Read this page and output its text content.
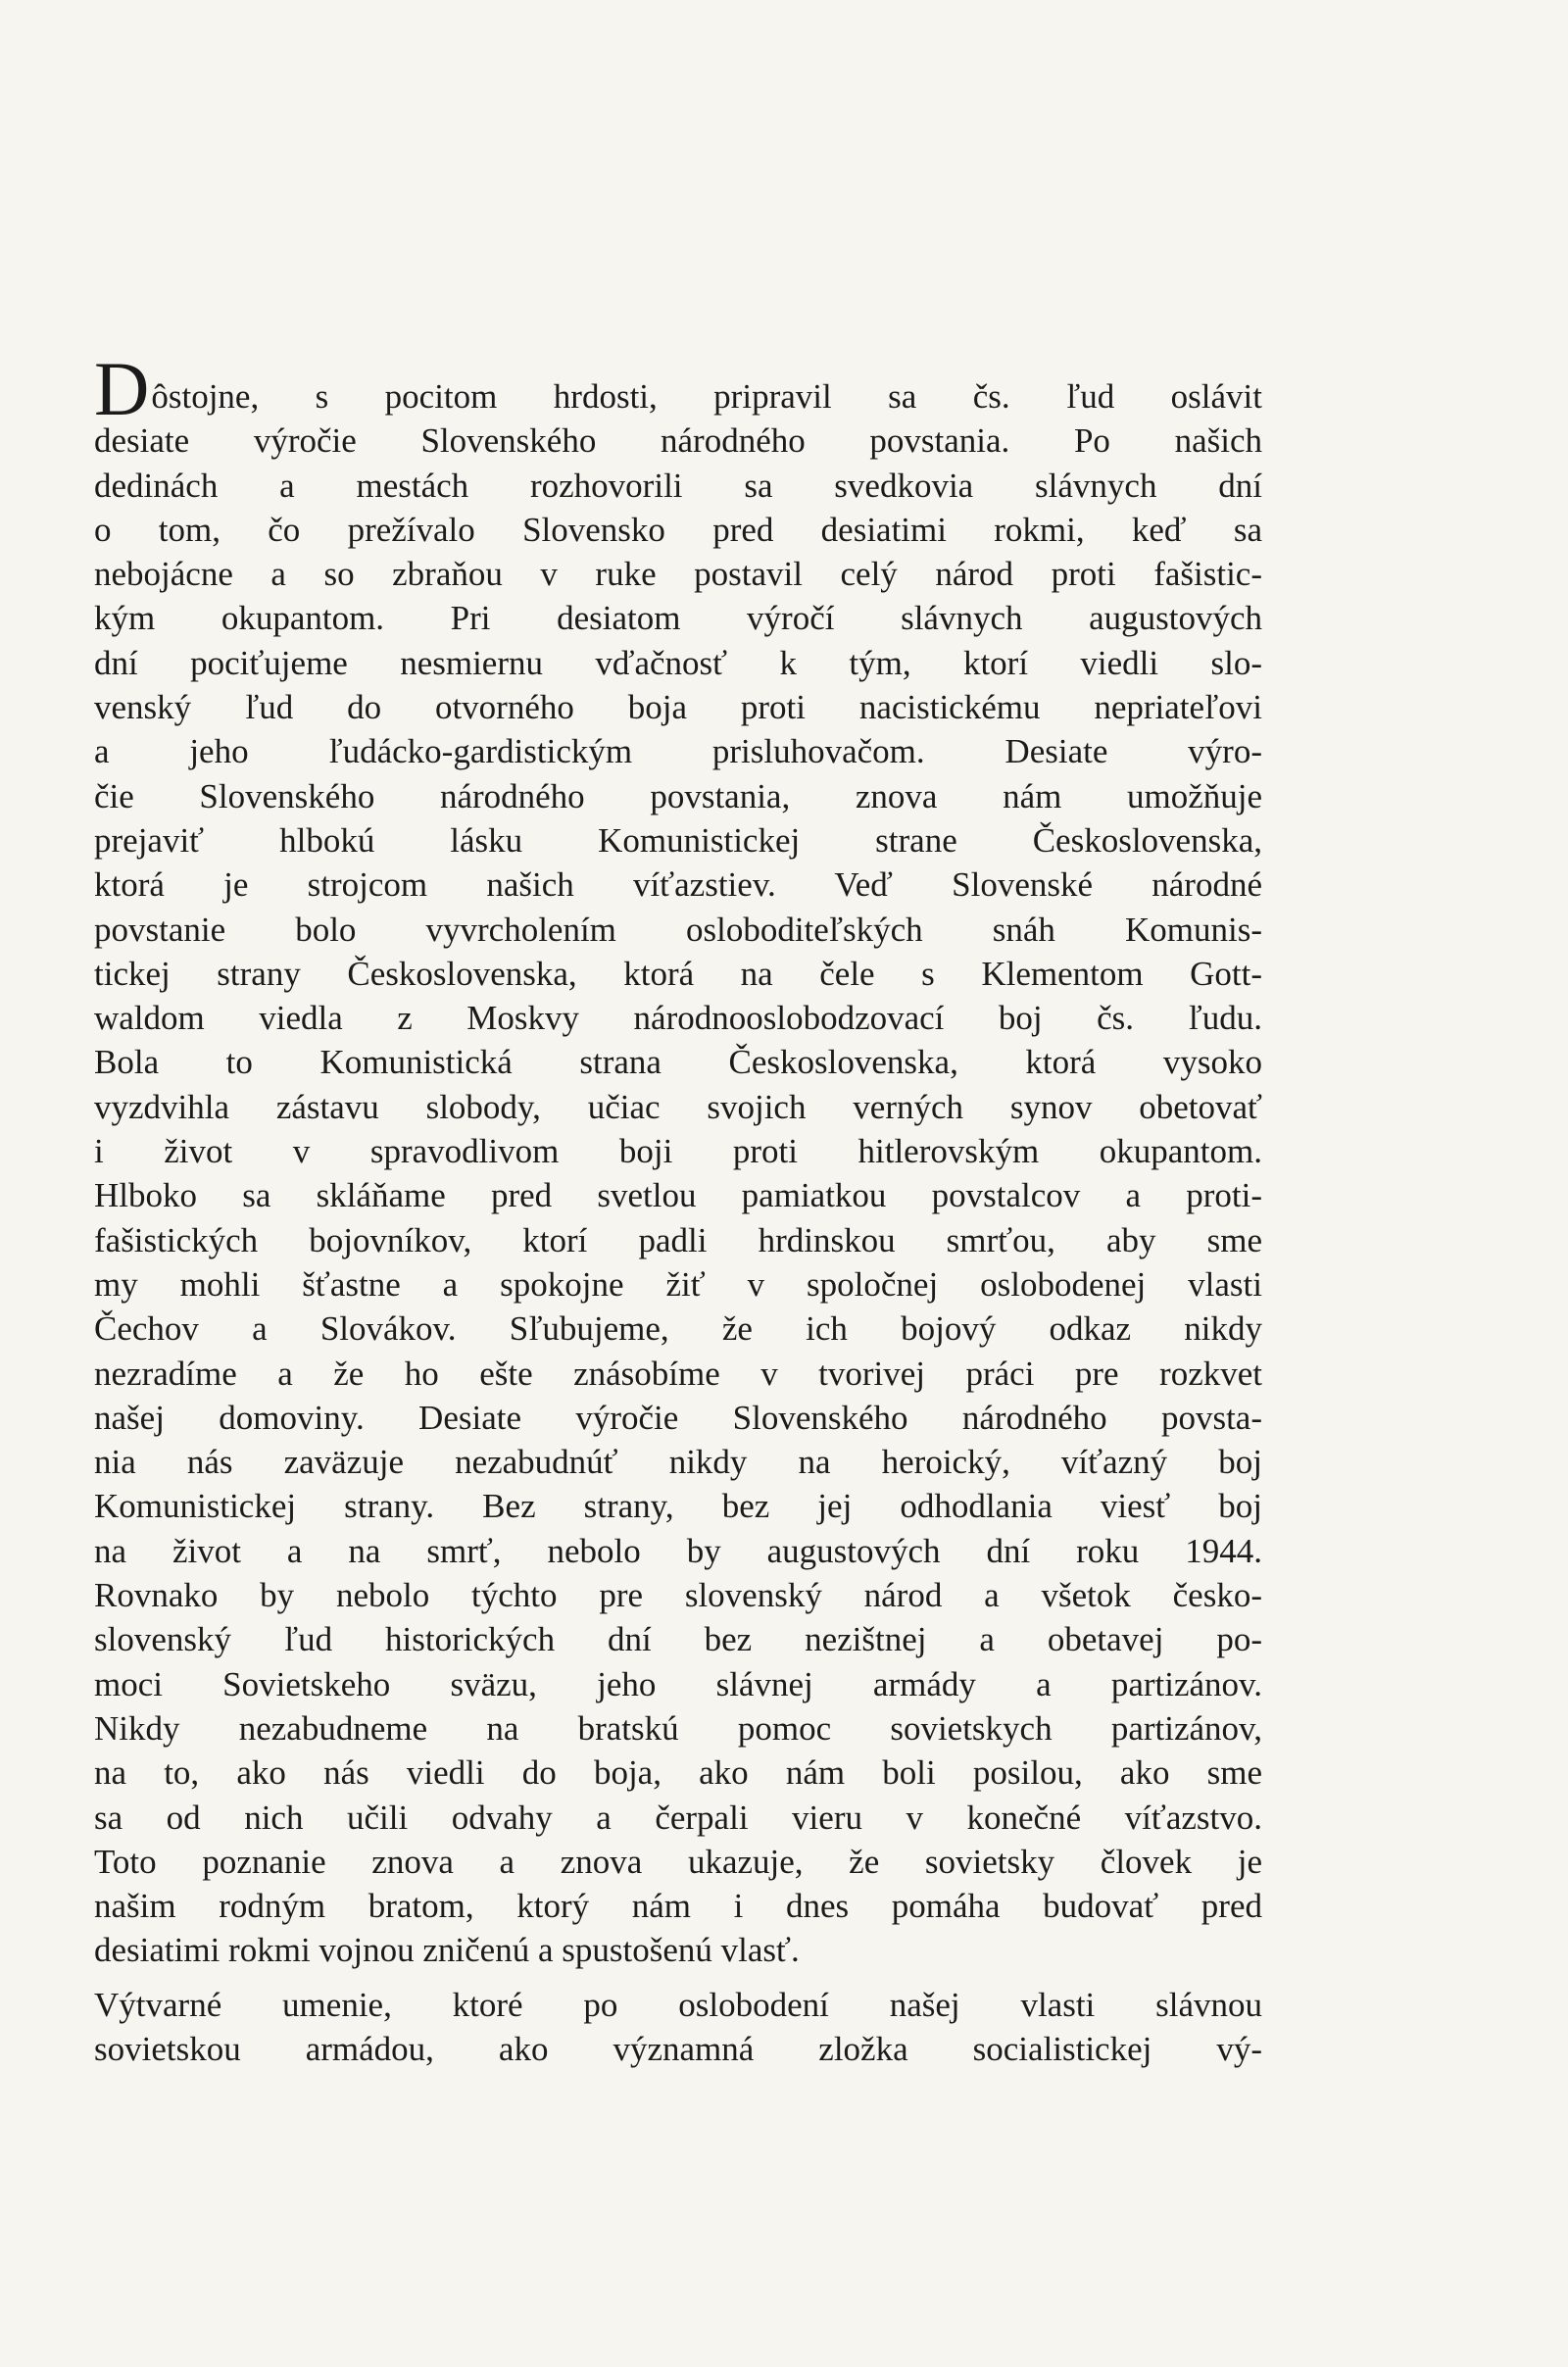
D ôstojne, s pocitom hrdosti, pripravil sa čs. ľud oslávit
desiate výročie Slovenského národného povstania. Po našich
dedinách a mestách rozhovorili sa svedkovia slávnych dní
o tom, čo prežívalo Slovensko pred desiatimi rokmi, keď sa
nebojácne a so zbraňou v ruke postavil celý národ proti fašistic-
kým okupantom. Pri desiatom výročí slávnych augustových
dní pociťujeme nesmiernu vďačnosť k tým, ktorí viedli slo-
venský ľud do otvorného boja proti nacistickému nepriateľovi
a jeho ľudácko-gardistickým prisluhovačom. Desiate výro-
čie Slovenského národného povstania, znova nám umožňuje
prejaviť hlbokú lásku Komunistickej strane Československa,
ktorá je strojcom našich víťazstiev. Veď Slovenské národné
povstanie bolo vyvrcholením osloboditeľských snáh Komunis-
tickej strany Československa, ktorá na čele s Klementom Gott-
waldom viedla z Moskvy národnooslobodzovací boj čs. ľudu.
Bola to Komunistická strana Československa, ktorá vysoko
vyzdvihla zástavu slobody, učiac svojich verných synov obetovať
i život v spravodlivom boji proti hitlerovským okupantom.
Hlboko sa skláňame pred svetlou pamiatkou povstalcov a proti-
fašistických bojovníkov, ktorí padli hrdinskou smrťou, aby sme
my mohli šťastne a spokojne žiť v spoločnej oslobodenej vlasti
Čechov a Slovákov. Sľubujeme, že ich bojový odkaz nikdy
nezradíme a že ho ešte znásobíme v tvorivej práci pre rozkvet
našej domoviny. Desiate výročie Slovenského národného povsta-
nia nás zaväzuje nezabudnúť nikdy na heroický, víťazný boj
Komunistickej strany. Bez strany, bez jej odhodlania viesť boj
na život a na smrť, nebolo by augustových dní roku 1944.
Rovnako by nebolo týchto pre slovenský národ a všetok česko-
slovenský ľud historických dní bez nezištnej a obetavej po-
moci Sovietskeho sväzu, jeho slávnej armády a partizánov.
Nikdy nezabudneme na bratskú pomoc sovietskych partizánov,
na to, ako nás viedli do boja, ako nám boli posilou, ako sme
sa od nich učili odvahy a čerpali vieru v konečné víťazstvo.
Toto poznanie znova a znova ukazuje, že sovietsky človek je
našim rodným bratom, ktorý nám i dnes pomáha budovať pred
desiatimi rokmi vojnou zničenú a spustošenú vlasť.
Výtvarné umenie, ktoré po oslobodení našej vlasti slávnou
sovietskou armádou, ako významná zložka socialistickej vý-
